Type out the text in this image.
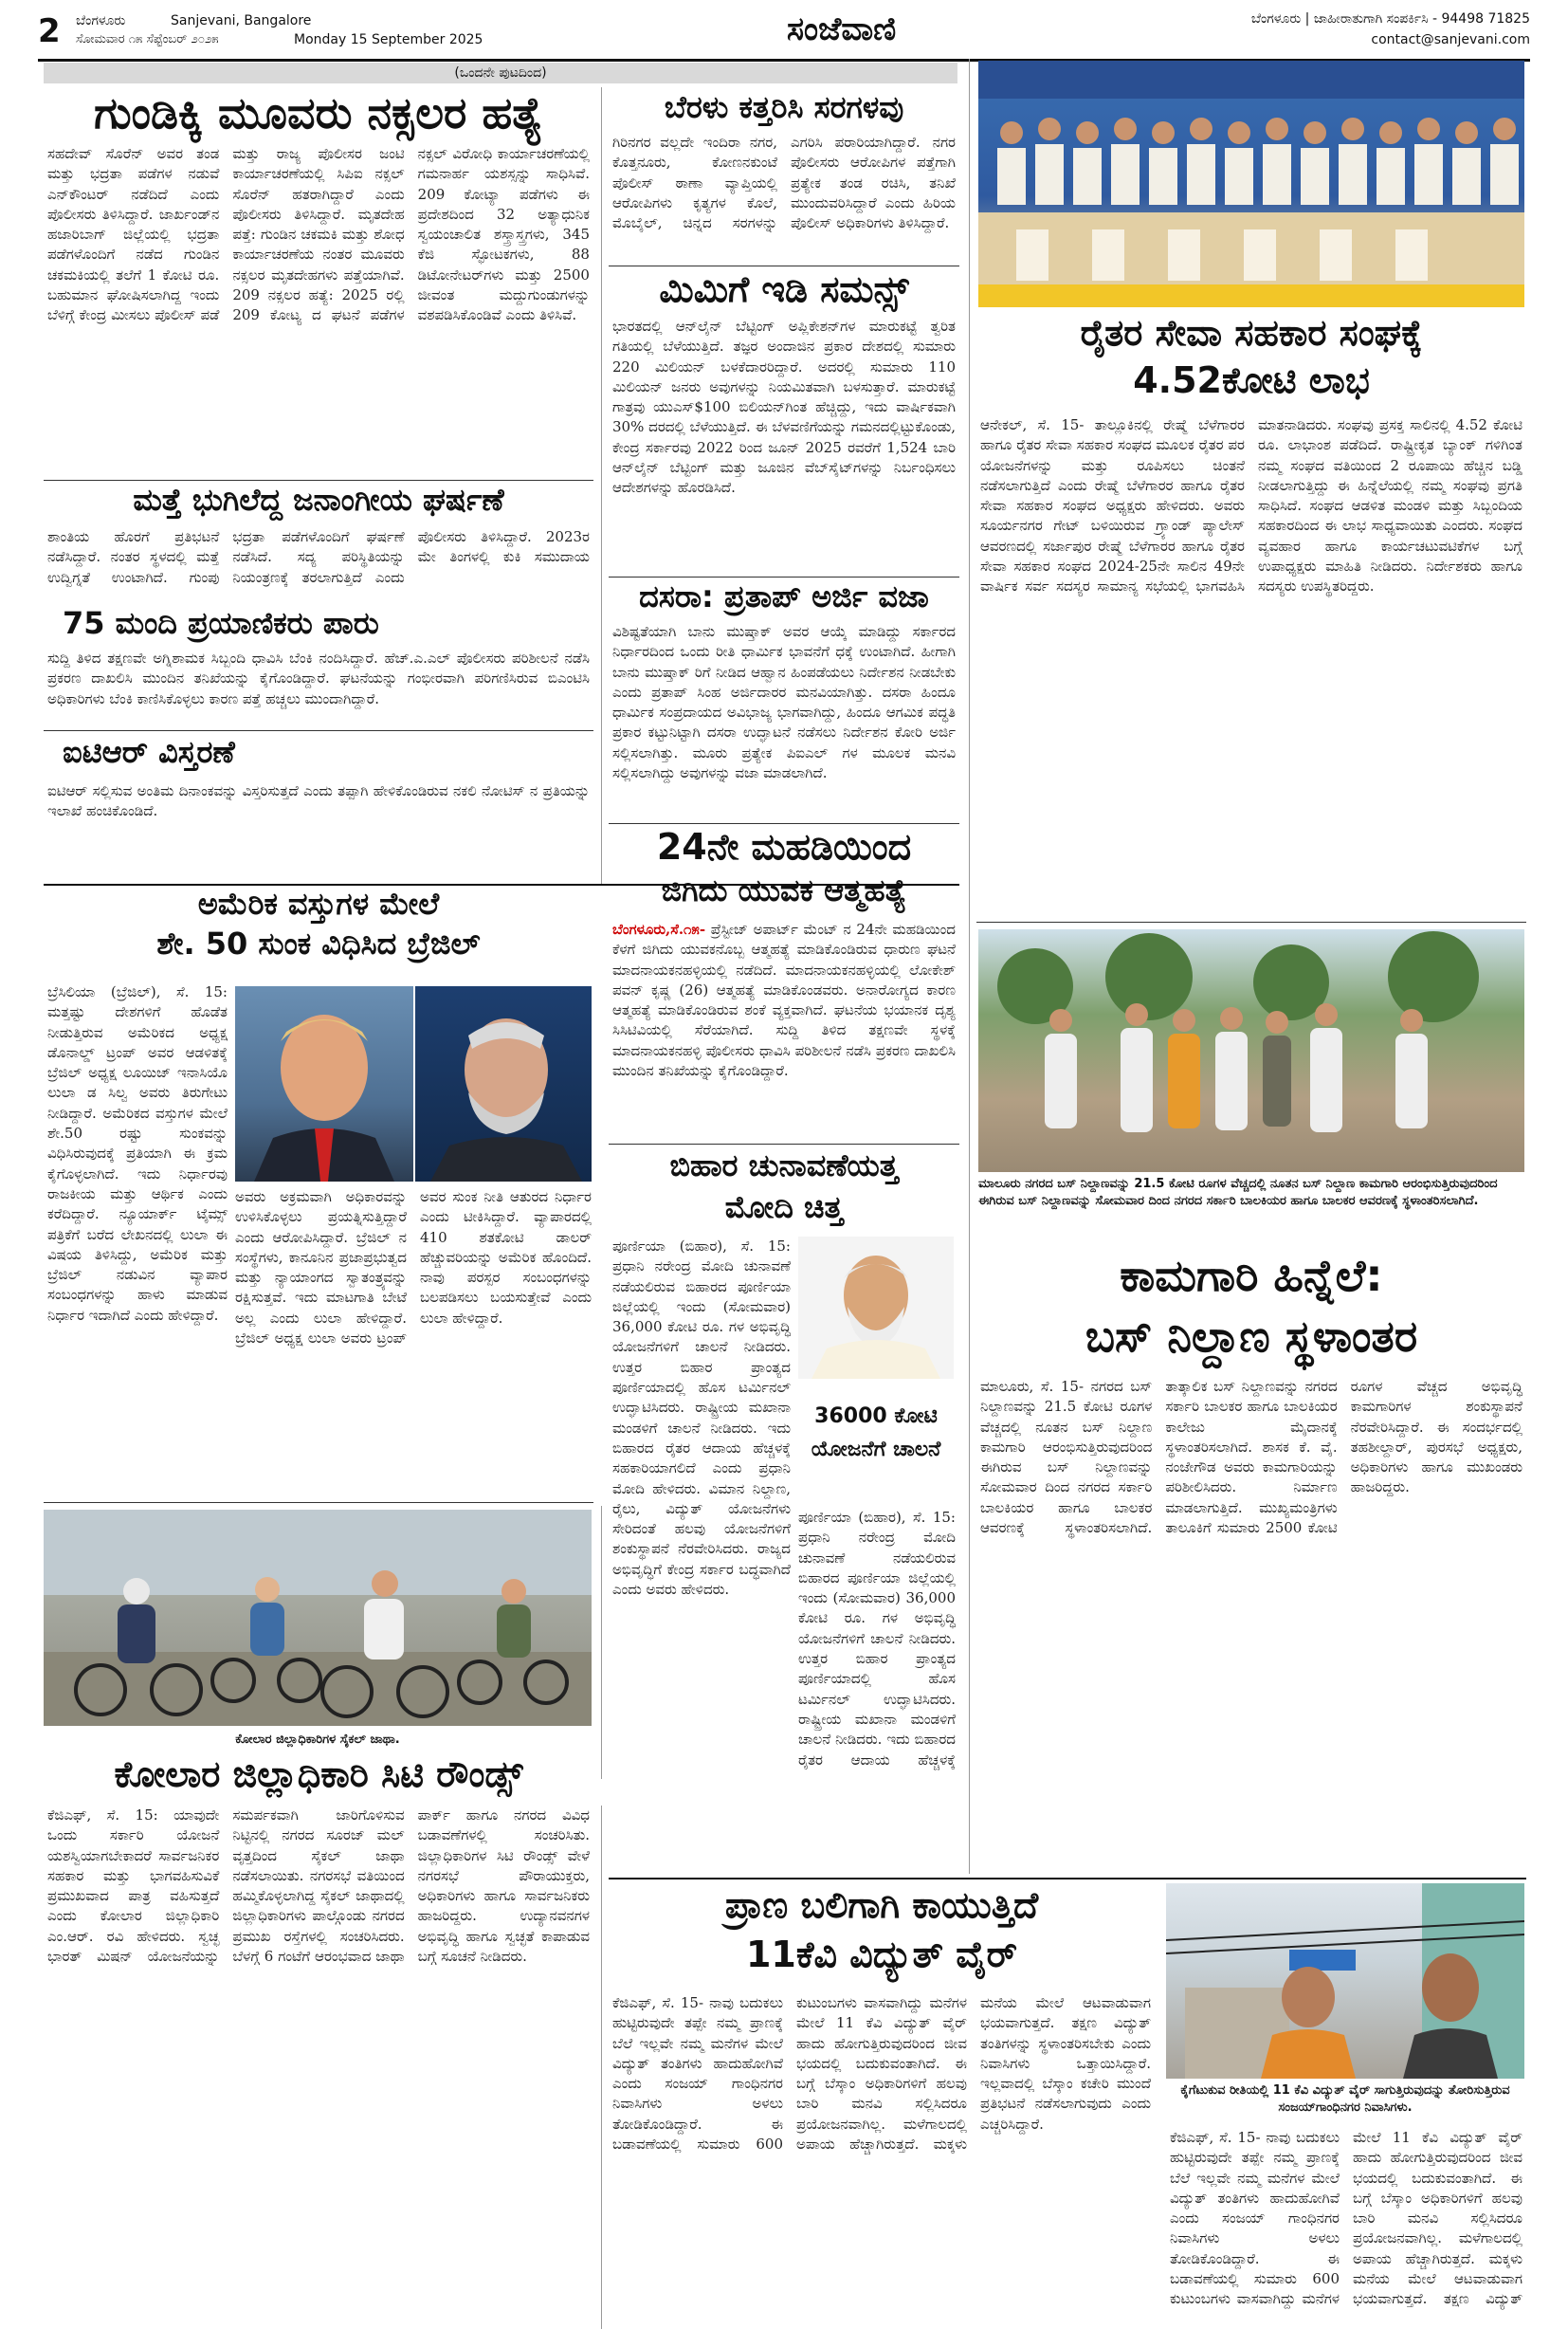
2 ಬೆಂಗಳೂರು	Sanjevani, Bangalore
ಸೋಮವಾರ ೧೫ ಸೆಪ್ಟೆಂಬರ್ ೨೦೨೫	Monday 15 September 2025	ಸಂಜೆವಾಣಿ	ಬೆಂಗಳೂರು | ಜಾಹೀರಾತುಗಾಗಿ ಸಂಪರ್ಕಿಸಿ - 94498 71825
contact@sanjevani.com
(ಒಂದನೇ ಪುಟದಿಂದ)
ಗುಂಡಿಕ್ಕಿ ಮೂವರು ನಕ್ಸಲರ ಹತ್ಯೆ
ಸಹದೇವ್ ಸೊರೆನ್ ಅವರ ತಂಡ ಮತ್ತು ಭದ್ರತಾ ಪಡೆಗಳ ನಡುವೆ ಎನ್‌ಕೌಂಟರ್ ನಡೆದಿದೆ ಎಂದು ಪೊಲೀಸರು ತಿಳಿಸಿದ್ದಾರೆ. ಜಾರ್ಖಂಡ್‌ನ ಹಜಾರಿಬಾಗ್ ಜಿಲ್ಲೆಯಲ್ಲಿ ಭದ್ರತಾ ಪಡೆಗಳೊಂದಿಗೆ ನಡೆದ ಗುಂಡಿನ ಚಕಮಕಿಯಲ್ಲಿ ತಲೆಗೆ 1 ಕೋಟಿ ರೂ. ಬಹುಮಾನ ಘೋಷಿಸಲಾಗಿದ್ದ ಇಂದು ಬೆಳಿಗ್ಗೆ ಕೇಂದ್ರ ಮೀಸಲು ಪೊಲೀಸ್ ಪಡೆ ಮತ್ತು ರಾಜ್ಯ ಪೊಲೀಸರ ಜಂಟಿ ಕಾರ್ಯಾಚರಣೆಯಲ್ಲಿ ಸಿಪಿಐ ನಕ್ಸಲ್ ಸೊರೆನ್ ಹತರಾಗಿದ್ದಾರೆ ಎಂದು ಪೊಲೀಸರು ತಿಳಿಸಿದ್ದಾರೆ. ಮೃತದೇಹ ಪತ್ತೆ: ಗುಂಡಿನ ಚಕಮಕಿ ಮತ್ತು ಶೋಧ ಕಾರ್ಯಾಚರಣೆಯ ನಂತರ ಮೂವರು ನಕ್ಸಲರ ಮೃತದೇಹಗಳು ಪತ್ತೆಯಾಗಿವೆ. 209 ನಕ್ಸಲರ ಹತ್ಯೆ: 2025 ರಲ್ಲಿ 209 ಕೋಟ್ಯ ದ ಘಟನೆ ಪಡೆಗಳ ನಕ್ಸಲ್ ವಿರೋಧಿ ಕಾರ್ಯಾಚರಣೆಯಲ್ಲಿ ಗಮನಾರ್ಹ ಯಶಸ್ಸನ್ನು ಸಾಧಿಸಿವೆ. 209 ಕೋಟ್ಯಾ ಪಡೆಗಳು ಈ ಪ್ರದೇಶದಿಂದ 32 ಅತ್ಯಾಧುನಿಕ ಸ್ವಯಂಚಾಲಿತ ಶಸ್ತ್ರಾಸ್ತ್ರಗಳು, 345 ಕೆಜಿ ಸ್ಫೋಟಕಗಳು, 88 ಡಿಟೋನೇಟರ್‌ಗಳು ಮತ್ತು 2500 ಜೀವಂತ ಮದ್ದುಗುಂಡುಗಳನ್ನು ವಶಪಡಿಸಿಕೊಂಡಿವೆ ಎಂದು ತಿಳಿಸಿವೆ.
ಮತ್ತೆ ಭುಗಿಲೆದ್ದ ಜನಾಂಗೀಯ ಘರ್ಷಣೆ
ಶಾಂತಿಯ ಹೊರಗೆ ಪ್ರತಿಭಟನೆ ನಡೆಸಿದ್ದಾರೆ. ನಂತರ ಸ್ಥಳದಲ್ಲಿ ಮತ್ತೆ ಉದ್ವಿಗ್ನತೆ ಉಂಟಾಗಿದೆ. ಗುಂಪು ಭದ್ರತಾ ಪಡೆಗಳೊಂದಿಗೆ ಘರ್ಷಣೆ ನಡೆಸಿದೆ. ಸದ್ಯ ಪರಿಸ್ಥಿತಿಯನ್ನು ನಿಯಂತ್ರಣಕ್ಕೆ ತರಲಾಗುತ್ತಿದೆ ಎಂದು ಪೊಲೀಸರು ತಿಳಿಸಿದ್ದಾರೆ. 2023ರ ಮೇ ತಿಂಗಳಲ್ಲಿ ಕುಕಿ ಸಮುದಾಯ
75 ಮಂದಿ ಪ್ರಯಾಣಿಕರು ಪಾರು
ಸುದ್ದಿ ತಿಳಿದ ತಕ್ಷಣವೇ ಅಗ್ನಿಶಾಮಕ ಸಿಬ್ಬಂದಿ ಧಾವಿಸಿ ಬೆಂಕಿ ನಂದಿಸಿದ್ದಾರೆ. ಹೆಚ್.ಎ.ಎಲ್ ಪೊಲೀಸರು ಪರಿಶೀಲನೆ ನಡೆಸಿ ಪ್ರಕರಣ ದಾಖಲಿಸಿ ಮುಂದಿನ ತನಿಖೆಯನ್ನು ಕೈಗೊಂಡಿದ್ದಾರೆ. ಘಟನೆಯನ್ನು ಗಂಭೀರವಾಗಿ ಪರಿಗಣಿಸಿರುವ ಬಿಎಂಟಿಸಿ ಅಧಿಕಾರಿಗಳು ಬೆಂಕಿ ಕಾಣಿಸಿಕೊಳ್ಳಲು ಕಾರಣ ಪತ್ತೆ ಹಚ್ಚಲು ಮುಂದಾಗಿದ್ದಾರೆ.
ಐಟಿಆರ್ ವಿಸ್ತರಣೆ
ಐಟಿಆರ್ ಸಲ್ಲಿಸುವ ಅಂತಿಮ ದಿನಾಂಕವನ್ನು ವಿಸ್ತರಿಸುತ್ತದೆ ಎಂದು ತಪ್ಪಾಗಿ ಹೇಳಿಕೊಂಡಿರುವ ನಕಲಿ ನೋಟಿಸ್ ನ ಪ್ರತಿಯನ್ನು ಇಲಾಖೆ ಹಂಚಿಕೊಂಡಿದೆ.
ಬೆರಳು ಕತ್ತರಿಸಿ ಸರಗಳವು
ಗಿರಿನಗರ ವಲ್ಲದೇ ಇಂದಿರಾ ನಗರ, ಕೊತ್ತನೂರು, ಕೋಣನಕುಂಟೆ ಪೊಲೀಸ್ ಠಾಣಾ ವ್ಯಾಪ್ತಿಯಲ್ಲಿ ಆರೋಪಿಗಳು ಕೃತ್ಯಗಳ ಕೊಲೆ, ಮೊಬೈಲ್, ಚಿನ್ನದ ಸರಗಳನ್ನು ಎಗರಿಸಿ ಪರಾರಿಯಾಗಿದ್ದಾರೆ. ನಗರ ಪೊಲೀಸರು ಆರೋಪಿಗಳ ಪತ್ತೆಗಾಗಿ ಪ್ರತ್ಯೇಕ ತಂಡ ರಚಿಸಿ, ತನಿಖೆ ಮುಂದುವರಿಸಿದ್ದಾರೆ ಎಂದು ಹಿರಿಯ ಪೊಲೀಸ್ ಅಧಿಕಾರಿಗಳು ತಿಳಿಸಿದ್ದಾರೆ.
ಮಿಮಿಗೆ ಇಡಿ ಸಮನ್ಸ್
ಭಾರತದಲ್ಲಿ ಆನ್‌ಲೈನ್ ಬೆಟ್ಟಿಂಗ್ ಅಪ್ಲಿಕೇಶನ್‌ಗಳ ಮಾರುಕಟ್ಟೆ ತ್ವರಿತ ಗತಿಯಲ್ಲಿ ಬೆಳೆಯುತ್ತಿದೆ. ತಜ್ಞರ ಅಂದಾಜಿನ ಪ್ರಕಾರ ದೇಶದಲ್ಲಿ ಸುಮಾರು 220 ಮಿಲಿಯನ್ ಬಳಕೆದಾರರಿದ್ದಾರೆ. ಅದರಲ್ಲಿ ಸುಮಾರು 110 ಮಿಲಿಯನ್ ಜನರು ಅವುಗಳನ್ನು ನಿಯಮಿತವಾಗಿ ಬಳಸುತ್ತಾರೆ. ಮಾರುಕಟ್ಟೆ ಗಾತ್ರವು ಯುಎಸ್$100 ಬಿಲಿಯನ್‌ಗಿಂತ ಹೆಚ್ಚಿದ್ದು, ಇದು ವಾರ್ಷಿಕವಾಗಿ 30% ದರದಲ್ಲಿ ಬೆಳೆಯುತ್ತಿದೆ. ಈ ಬೆಳವಣಿಗೆಯನ್ನು ಗಮನದಲ್ಲಿಟ್ಟುಕೊಂಡು, ಕೇಂದ್ರ ಸರ್ಕಾರವು 2022 ರಿಂದ ಜೂನ್ 2025 ರವರೆಗೆ 1,524 ಬಾರಿ ಆನ್‌ಲೈನ್ ಬೆಟ್ಟಿಂಗ್ ಮತ್ತು ಜೂಜಿನ ವೆಬ್‌ಸೈಟ್‌ಗಳನ್ನು ನಿರ್ಬಂಧಿಸಲು ಆದೇಶಗಳನ್ನು ಹೊರಡಿಸಿದೆ.
ದಸರಾ: ಪ್ರತಾಪ್ ಅರ್ಜಿ ವಜಾ
ವಿಶಿಷ್ಟತೆಯಾಗಿ ಬಾನು ಮುಷ್ತಾಕ್ ಅವರ ಆಯ್ಕೆ ಮಾಡಿದ್ದು ಸರ್ಕಾರದ ನಿರ್ಧಾರದಿಂದ ಒಂದು ರೀತಿ ಧಾರ್ಮಿಕ ಭಾವನೆಗೆ ಧಕ್ಕೆ ಉಂಟಾಗಿದೆ. ಹೀಗಾಗಿ ಬಾನು ಮುಷ್ತಾಕ್ ರಿಗೆ ನೀಡಿದ ಆಹ್ವಾನ ಹಿಂಪಡೆಯಲು ನಿರ್ದೇಶನ ನೀಡಬೇಕು ಎಂದು ಪ್ರತಾಪ್ ಸಿಂಹ ಅರ್ಜಿದಾರರ ಮನವಿಯಾಗಿತ್ತು. ದಸರಾ ಹಿಂದೂ ಧಾರ್ಮಿಕ ಸಂಪ್ರದಾಯದ ಅವಿಭಾಜ್ಯ ಭಾಗವಾಗಿದ್ದು, ಹಿಂದೂ ಆಗಮಿಕ ಪದ್ಧತಿ ಪ್ರಕಾರ ಕಟ್ಟುನಿಟ್ಟಾಗಿ ದಸರಾ ಉದ್ಘಾಟನೆ ನಡೆಸಲು ನಿರ್ದೇಶನ ಕೋರಿ ಅರ್ಜಿ ಸಲ್ಲಿಸಲಾಗಿತ್ತು. ಮೂರು ಪ್ರತ್ಯೇಕ ಪಿಐಎಲ್ ಗಳ ಮೂಲಕ ಮನವಿ ಸಲ್ಲಿಸಲಾಗಿದ್ದು ಅವುಗಳನ್ನು ವಜಾ ಮಾಡಲಾಗಿದೆ.
24ನೇ ಮಹಡಿಯಿಂದ
ಜಿಗಿದು ಯುವಕ ಆತ್ಮಹತ್ಯೆ
ಬೆಂಗಳೂರು,ಸೆ.೧೫- ಪ್ರೆಸ್ಟೀಜ್ ಅಪಾರ್ಟ್ ಮೆಂಟ್ ನ 24ನೇ ಮಹಡಿಯಿಂದ ಕೆಳಗೆ ಜಿಗಿದು ಯುವಕನೊಬ್ಬ ಆತ್ಮಹತ್ಯೆ ಮಾಡಿಕೊಂಡಿರುವ ಧಾರುಣ ಘಟನೆ ಮಾದನಾಯಕನಹಳ್ಳಿಯಲ್ಲಿ ನಡೆದಿದೆ. ಮಾದನಾಯಕನಹಳ್ಳಿಯಲ್ಲಿ ಲೋಕೇಶ್ ಪವನ್ ಕೃಷ್ಣ (26) ಆತ್ಮಹತ್ಯೆ ಮಾಡಿಕೊಂಡವರು. ಅನಾರೋಗ್ಯದ ಕಾರಣ ಆತ್ಮಹತ್ಯೆ ಮಾಡಿಕೊಂಡಿರುವ ಶಂಕೆ ವ್ಯಕ್ತವಾಗಿದೆ. ಘಟನೆಯ ಭಯಾನಕ ದೃಶ್ಯ ಸಿಸಿಟಿವಿಯಲ್ಲಿ ಸೆರೆಯಾಗಿದೆ. ಸುದ್ದಿ ತಿಳಿದ ತಕ್ಷಣವೇ ಸ್ಥಳಕ್ಕೆ ಮಾದನಾಯಕನಹಳ್ಳಿ ಪೊಲೀಸರು ಧಾವಿಸಿ ಪರಿಶೀಲನೆ ನಡೆಸಿ ಪ್ರಕರಣ ದಾಖಲಿಸಿ ಮುಂದಿನ ತನಿಖೆಯನ್ನು ಕೈಗೊಂಡಿದ್ದಾರೆ.
ಅಮೆರಿಕ ವಸ್ತುಗಳ ಮೇಲೆ
ಶೇ. 50 ಸುಂಕ ವಿಧಿಸಿದ ಬ್ರೆಜಿಲ್
ಬ್ರೆಸಿಲಿಯಾ (ಬ್ರೆಜಿಲ್), ಸೆ. 15: ಮತ್ತಷ್ಟು ದೇಶಗಳಿಗೆ ಹೊಡೆತ ನೀಡುತ್ತಿರುವ ಅಮೆರಿಕದ ಅಧ್ಯಕ್ಷ ಡೊನಾಲ್ಡ್ ಟ್ರಂಪ್ ಅವರ ಆಡಳಿತಕ್ಕೆ ಬ್ರೆಜಿಲ್ ಅಧ್ಯಕ್ಷ ಲೂಯಿಜ್ ಇನಾಸಿಯೊ ಲುಲಾ ಡ ಸಿಲ್ವ ಅವರು ತಿರುಗೇಟು ನೀಡಿದ್ದಾರೆ. ಅಮೆರಿಕದ ವಸ್ತುಗಳ ಮೇಲೆ ಶೇ.50 ರಷ್ಟು ಸುಂಕವನ್ನು ವಿಧಿಸಿರುವುದಕ್ಕೆ ಪ್ರತಿಯಾಗಿ ಈ ಕ್ರಮ ಕೈಗೊಳ್ಳಲಾಗಿದೆ. ಇದು ನಿರ್ಧಾರವು ರಾಜಕೀಯ ಮತ್ತು ಆರ್ಥಿಕ ಎಂದು ಕರೆದಿದ್ದಾರೆ. ನ್ಯೂಯಾರ್ಕ್ ಟೈಮ್ಸ್ ಪತ್ರಿಕೆಗೆ ಬರೆದ ಲೇಖನದಲ್ಲಿ ಲುಲಾ ಈ ವಿಷಯ ತಿಳಿಸಿದ್ದು, ಅಮೆರಿಕ ಮತ್ತು ಬ್ರೆಜಿಲ್ ನಡುವಿನ ವ್ಯಾಪಾರ ಸಂಬಂಧಗಳನ್ನು ಹಾಳು ಮಾಡುವ ನಿರ್ಧಾರ ಇದಾಗಿದೆ ಎಂದು ಹೇಳಿದ್ದಾರೆ.
ಅವರು ಅಕ್ರಮವಾಗಿ ಅಧಿಕಾರವನ್ನು ಉಳಿಸಿಕೊಳ್ಳಲು ಪ್ರಯತ್ನಿಸುತ್ತಿದ್ದಾರೆ ಎಂದು ಆರೋಪಿಸಿದ್ದಾರೆ. ಬ್ರೆಜಿಲ್ ನ ಸಂಸ್ಥೆಗಳು, ಕಾನೂನಿನ ಪ್ರಜಾಪ್ರಭುತ್ವದ ಮತ್ತು ನ್ಯಾಯಾಂಗದ ಸ್ವಾತಂತ್ರ್ಯವನ್ನು ರಕ್ಷಿಸುತ್ತವೆ. ಇದು ಮಾಟಗಾತಿ ಬೇಟೆ ಅಲ್ಲ ಎಂದು ಲುಲಾ ಹೇಳಿದ್ದಾರೆ. ಬ್ರೆಜಿಲ್ ಅಧ್ಯಕ್ಷ ಲುಲಾ ಅವರು ಟ್ರಂಪ್ ಅವರ ಸುಂಕ ನೀತಿ ಆತುರದ ನಿರ್ಧಾರ ಎಂದು ಟೀಕಿಸಿದ್ದಾರೆ. ವ್ಯಾಪಾರದಲ್ಲಿ 410 ಶತಕೋಟಿ ಡಾಲರ್ ಹೆಚ್ಚುವರಿಯನ್ನು ಅಮೆರಿಕ ಹೊಂದಿದೆ. ನಾವು ಪರಸ್ಪರ ಸಂಬಂಧಗಳನ್ನು ಬಲಪಡಿಸಲು ಬಯಸುತ್ತೇವೆ ಎಂದು ಲುಲಾ ಹೇಳಿದ್ದಾರೆ.
ಬಿಹಾರ ಚುನಾವಣೆಯತ್ತ
ಮೋದಿ ಚಿತ್ತ
36000 ಕೋಟಿ ಯೋಜನೆಗೆ ಚಾಲನೆ
ಪೂರ್ಣಿಯಾ (ಬಿಹಾರ), ಸೆ. 15: ಪ್ರಧಾನಿ ನರೇಂದ್ರ ಮೋದಿ ಚುನಾವಣೆ ನಡೆಯಲಿರುವ ಬಿಹಾರದ ಪೂರ್ಣಿಯಾ ಜಿಲ್ಲೆಯಲ್ಲಿ ಇಂದು (ಸೋಮವಾರ) 36,000 ಕೋಟಿ ರೂ. ಗಳ ಅಭಿವೃದ್ಧಿ ಯೋಜನೆಗಳಿಗೆ ಚಾಲನೆ ನೀಡಿದರು. ಉತ್ತರ ಬಿಹಾರ ಪ್ರಾಂತ್ಯದ ಪೂರ್ಣಿಯಾದಲ್ಲಿ ಹೊಸ ಟರ್ಮಿನಲ್ ಉದ್ಘಾಟಿಸಿದರು. ರಾಷ್ಟ್ರೀಯ ಮಖಾನಾ ಮಂಡಳಿಗೆ ಚಾಲನೆ ನೀಡಿದರು. ಇದು ಬಿಹಾರದ ರೈತರ ಆದಾಯ ಹೆಚ್ಚಳಕ್ಕೆ ಸಹಕಾರಿಯಾಗಲಿದೆ ಎಂದು ಪ್ರಧಾನಿ ಮೋದಿ ಹೇಳಿದರು. ವಿಮಾನ ನಿಲ್ದಾಣ, ರೈಲು, ವಿದ್ಯುತ್ ಯೋಜನೆಗಳು ಸೇರಿದಂತೆ ಹಲವು ಯೋಜನೆಗಳಿಗೆ ಶಂಕುಸ್ಥಾಪನೆ ನೆರವೇರಿಸಿದರು. ರಾಜ್ಯದ ಅಭಿವೃದ್ಧಿಗೆ ಕೇಂದ್ರ ಸರ್ಕಾರ ಬದ್ಧವಾಗಿದೆ ಎಂದು ಅವರು ಹೇಳಿದರು.
ಪೂರ್ಣಿಯಾ (ಬಿಹಾರ), ಸೆ. 15: ಪ್ರಧಾನಿ ನರೇಂದ್ರ ಮೋದಿ ಚುನಾವಣೆ ನಡೆಯಲಿರುವ ಬಿಹಾರದ ಪೂರ್ಣಿಯಾ ಜಿಲ್ಲೆಯಲ್ಲಿ ಇಂದು (ಸೋಮವಾರ) 36,000 ಕೋಟಿ ರೂ. ಗಳ ಅಭಿವೃದ್ಧಿ ಯೋಜನೆಗಳಿಗೆ ಚಾಲನೆ ನೀಡಿದರು. ಉತ್ತರ ಬಿಹಾರ ಪ್ರಾಂತ್ಯದ ಪೂರ್ಣಿಯಾದಲ್ಲಿ ಹೊಸ ಟರ್ಮಿನಲ್ ಉದ್ಘಾಟಿಸಿದರು. ರಾಷ್ಟ್ರೀಯ ಮಖಾನಾ ಮಂಡಳಿಗೆ ಚಾಲನೆ ನೀಡಿದರು. ಇದು ಬಿಹಾರದ ರೈತರ ಆದಾಯ ಹೆಚ್ಚಳಕ್ಕೆ
ಕೋಲಾರ ಜಿಲ್ಲಾಧಿಕಾರಿಗಳ ಸೈಕಲ್ ಜಾಥಾ.
ಕೋಲಾರ ಜಿಲ್ಲಾಧಿಕಾರಿ ಸಿಟಿ ರೌಂಡ್ಸ್
ಕೆಜಿಎಫ್, ಸೆ. 15: ಯಾವುದೇ ಒಂದು ಸರ್ಕಾರಿ ಯೋಜನೆ ಯಶಸ್ವಿಯಾಗಬೇಕಾದರೆ ಸಾರ್ವಜನಿಕರ ಸಹಕಾರ ಮತ್ತು ಭಾಗವಹಿಸುವಿಕೆ ಪ್ರಮುಖವಾದ ಪಾತ್ರ ವಹಿಸುತ್ತದೆ ಎಂದು ಕೋಲಾರ ಜಿಲ್ಲಾಧಿಕಾರಿ ಎಂ.ಆರ್. ರವಿ ಹೇಳಿದರು. ಸ್ವಚ್ಛ ಭಾರತ್ ಮಿಷನ್ ಯೋಜನೆಯನ್ನು ಸಮರ್ಪಕವಾಗಿ ಜಾರಿಗೊಳಿಸುವ ನಿಟ್ಟಿನಲ್ಲಿ ನಗರದ ಸೂರಜ್ ಮಲ್ ವೃತ್ತದಿಂದ ಸೈಕಲ್ ಜಾಥಾ ನಡೆಸಲಾಯಿತು. ನಗರಸಭೆ ವತಿಯಿಂದ ಹಮ್ಮಿಕೊಳ್ಳಲಾಗಿದ್ದ ಸೈಕಲ್ ಜಾಥಾದಲ್ಲಿ ಜಿಲ್ಲಾಧಿಕಾರಿಗಳು ಪಾಲ್ಗೊಂಡು ನಗರದ ಪ್ರಮುಖ ರಸ್ತೆಗಳಲ್ಲಿ ಸಂಚರಿಸಿದರು. ಬೆಳಗ್ಗೆ 6 ಗಂಟೆಗೆ ಆರಂಭವಾದ ಜಾಥಾ ಪಾರ್ಕ್ ಹಾಗೂ ನಗರದ ವಿವಿಧ ಬಡಾವಣೆಗಳಲ್ಲಿ ಸಂಚರಿಸಿತು. ಜಿಲ್ಲಾಧಿಕಾರಿಗಳ ಸಿಟಿ ರೌಂಡ್ಸ್ ವೇಳೆ ನಗರಸಭೆ ಪೌರಾಯುಕ್ತರು, ಅಧಿಕಾರಿಗಳು ಹಾಗೂ ಸಾರ್ವಜನಿಕರು ಹಾಜರಿದ್ದರು. ಉದ್ಯಾನವನಗಳ ಅಭಿವೃದ್ಧಿ ಹಾಗೂ ಸ್ವಚ್ಛತೆ ಕಾಪಾಡುವ ಬಗ್ಗೆ ಸೂಚನೆ ನೀಡಿದರು.
ರೈತರ ಸೇವಾ ಸಹಕಾರ ಸಂಘಕ್ಕೆ
4.52ಕೋಟಿ ಲಾಭ
ಆನೇಕಲ್, ಸೆ. 15- ತಾಲ್ಲೂಕಿನಲ್ಲಿ ರೇಷ್ಮೆ ಬೆಳೆಗಾರರ ಹಾಗೂ ರೈತರ ಸೇವಾ ಸಹಕಾರ ಸಂಘದ ಮೂಲಕ ರೈತರ ಪರ ಯೋಜನೆಗಳನ್ನು ಮತ್ತು ರೂಪಿಸಲು ಚಿಂತನೆ ನಡೆಸಲಾಗುತ್ತಿದೆ ಎಂದು ರೇಷ್ಮೆ ಬೆಳೆಗಾರರ ಹಾಗೂ ರೈತರ ಸೇವಾ ಸಹಕಾರ ಸಂಘದ ಅಧ್ಯಕ್ಷರು ಹೇಳಿದರು. ಅವರು ಸೂರ್ಯನಗರ ಗೇಟ್ ಬಳಿಯಿರುವ ಗ್ರ್ಯಾಂಡ್ ಪ್ಯಾಲೇಸ್ ಆವರಣದಲ್ಲಿ ಸರ್ಜಾಪುರ ರೇಷ್ಮೆ ಬೆಳೆಗಾರರ ಹಾಗೂ ರೈತರ ಸೇವಾ ಸಹಕಾರ ಸಂಘದ 2024-25ನೇ ಸಾಲಿನ 49ನೇ ವಾರ್ಷಿಕ ಸರ್ವ ಸದಸ್ಯರ ಸಾಮಾನ್ಯ ಸಭೆಯಲ್ಲಿ ಭಾಗವಹಿಸಿ ಮಾತನಾಡಿದರು. ಸಂಘವು ಪ್ರಸಕ್ತ ಸಾಲಿನಲ್ಲಿ 4.52 ಕೋಟಿ ರೂ. ಲಾಭಾಂಶ ಪಡೆದಿದೆ. ರಾಷ್ಟ್ರೀಕೃತ ಬ್ಯಾಂಕ್ ಗಳಿಗಿಂತ ನಮ್ಮ ಸಂಘದ ವತಿಯಿಂದ 2 ರೂಪಾಯಿ ಹೆಚ್ಚಿನ ಬಡ್ಡಿ ನೀಡಲಾಗುತ್ತಿದ್ದು ಈ ಹಿನ್ನೆಲೆಯಲ್ಲಿ ನಮ್ಮ ಸಂಘವು ಪ್ರಗತಿ ಸಾಧಿಸಿದೆ. ಸಂಘದ ಆಡಳಿತ ಮಂಡಳಿ ಮತ್ತು ಸಿಬ್ಬಂದಿಯ ಸಹಕಾರದಿಂದ ಈ ಲಾಭ ಸಾಧ್ಯವಾಯಿತು ಎಂದರು. ಸಂಘದ ವ್ಯವಹಾರ ಹಾಗೂ ಕಾರ್ಯಚಟುವಟಿಕೆಗಳ ಬಗ್ಗೆ ಉಪಾಧ್ಯಕ್ಷರು ಮಾಹಿತಿ ನೀಡಿದರು. ನಿರ್ದೇಶಕರು ಹಾಗೂ ಸದಸ್ಯರು ಉಪಸ್ಥಿತರಿದ್ದರು.
ಮಾಲೂರು ನಗರದ ಬಸ್ ನಿಲ್ದಾಣವನ್ನು 21.5 ಕೋಟಿ ರೂಗಳ ವೆಚ್ಚದಲ್ಲಿ ನೂತನ ಬಸ್ ನಿಲ್ದಾಣ ಕಾಮಗಾರಿ ಆರಂಭಿಸುತ್ತಿರುವುದರಿಂದ ಈಗಿರುವ ಬಸ್ ನಿಲ್ದಾಣವನ್ನು ಸೋಮವಾರ ದಿಂದ ನಗರದ ಸರ್ಕಾರಿ ಬಾಲಕಿಯರ ಹಾಗೂ ಬಾಲಕರ ಆವರಣಕ್ಕೆ ಸ್ಥಳಾಂತರಿಸಲಾಗಿದೆ.
ಕಾಮಗಾರಿ ಹಿನ್ನೆಲೆ:
ಬಸ್ ನಿಲ್ದಾಣ ಸ್ಥಳಾಂತರ
ಮಾಲೂರು, ಸೆ. 15- ನಗರದ ಬಸ್ ನಿಲ್ದಾಣವನ್ನು 21.5 ಕೋಟಿ ರೂಗಳ ವೆಚ್ಚದಲ್ಲಿ ನೂತನ ಬಸ್ ನಿಲ್ದಾಣ ಕಾಮಗಾರಿ ಆರಂಭಿಸುತ್ತಿರುವುದರಿಂದ ಈಗಿರುವ ಬಸ್ ನಿಲ್ದಾಣವನ್ನು ಸೋಮವಾರ ದಿಂದ ನಗರದ ಸರ್ಕಾರಿ ಬಾಲಕಿಯರ ಹಾಗೂ ಬಾಲಕರ ಆವರಣಕ್ಕೆ ಸ್ಥಳಾಂತರಿಸಲಾಗಿದೆ. ತಾತ್ಕಾಲಿಕ ಬಸ್ ನಿಲ್ದಾಣವನ್ನು ನಗರದ ಸರ್ಕಾರಿ ಬಾಲಕರ ಹಾಗೂ ಬಾಲಕಿಯರ ಕಾಲೇಜು ಮೈದಾನಕ್ಕೆ ಸ್ಥಳಾಂತರಿಸಲಾಗಿದೆ. ಶಾಸಕ ಕೆ. ವೈ. ನಂಜೇಗೌಡ ಅವರು ಕಾಮಗಾರಿಯನ್ನು ಪರಿಶೀಲಿಸಿದರು. ನಿರ್ಮಾಣ ಮಾಡಲಾಗುತ್ತಿದೆ. ಮುಖ್ಯಮಂತ್ರಿಗಳು ತಾಲೂಕಿಗೆ ಸುಮಾರು 2500 ಕೋಟಿ ರೂಗಳ ವೆಚ್ಚದ ಅಭಿವೃದ್ಧಿ ಕಾಮಗಾರಿಗಳ ಶಂಕುಸ್ಥಾಪನೆ ನೆರವೇರಿಸಿದ್ದಾರೆ. ಈ ಸಂದರ್ಭದಲ್ಲಿ ತಹಶೀಲ್ದಾರ್, ಪುರಸಭೆ ಅಧ್ಯಕ್ಷರು, ಅಧಿಕಾರಿಗಳು ಹಾಗೂ ಮುಖಂಡರು ಹಾಜರಿದ್ದರು.
ಪ್ರಾಣ ಬಲಿಗಾಗಿ ಕಾಯುತ್ತಿದೆ
11ಕೆವಿ ವಿದ್ಯುತ್ ವೈರ್
ಕೆಜಿಎಫ್, ಸೆ. 15- ನಾವು ಬದುಕಲು ಹುಟ್ಟಿರುವುದೇ ತಪ್ಪೇ ನಮ್ಮ ಪ್ರಾಣಕ್ಕೆ ಬೆಲೆ ಇಲ್ಲವೇ ನಮ್ಮ ಮನೆಗಳ ಮೇಲೆ ವಿದ್ಯುತ್ ತಂತಿಗಳು ಹಾದುಹೋಗಿವೆ ಎಂದು ಸಂಜಯ್ ಗಾಂಧಿನಗರ ನಿವಾಸಿಗಳು ಅಳಲು ತೋಡಿಕೊಂಡಿದ್ದಾರೆ. ಈ ಬಡಾವಣೆಯಲ್ಲಿ ಸುಮಾರು 600 ಕುಟುಂಬಗಳು ವಾಸವಾಗಿದ್ದು ಮನೆಗಳ ಮೇಲೆ 11 ಕೆವಿ ವಿದ್ಯುತ್ ವೈರ್ ಹಾದು ಹೋಗುತ್ತಿರುವುದರಿಂದ ಜೀವ ಭಯದಲ್ಲಿ ಬದುಕುವಂತಾಗಿದೆ. ಈ ಬಗ್ಗೆ ಬೆಸ್ಕಾಂ ಅಧಿಕಾರಿಗಳಿಗೆ ಹಲವು ಬಾರಿ ಮನವಿ ಸಲ್ಲಿಸಿದರೂ ಪ್ರಯೋಜನವಾಗಿಲ್ಲ. ಮಳೆಗಾಲದಲ್ಲಿ ಅಪಾಯ ಹೆಚ್ಚಾಗಿರುತ್ತದೆ. ಮಕ್ಕಳು ಮನೆಯ ಮೇಲೆ ಆಟವಾಡುವಾಗ ಭಯವಾಗುತ್ತದೆ. ತಕ್ಷಣ ವಿದ್ಯುತ್ ತಂತಿಗಳನ್ನು ಸ್ಥಳಾಂತರಿಸಬೇಕು ಎಂದು ನಿವಾಸಿಗಳು ಒತ್ತಾಯಿಸಿದ್ದಾರೆ. ಇಲ್ಲವಾದಲ್ಲಿ ಬೆಸ್ಕಾಂ ಕಚೇರಿ ಮುಂದೆ ಪ್ರತಿಭಟನೆ ನಡೆಸಲಾಗುವುದು ಎಂದು ಎಚ್ಚರಿಸಿದ್ದಾರೆ.
ಕೈಗೆಟುಕುವ ರೀತಿಯಲ್ಲಿ 11 ಕೆವಿ ವಿದ್ಯುತ್ ವೈರ್ ಸಾಗುತ್ತಿರುವುದನ್ನು ತೋರಿಸುತ್ತಿರುವ ಸಂಜಯ್‌ಗಾಂಧಿನಗರ ನಿವಾಸಿಗಳು.
ಕೆಜಿಎಫ್, ಸೆ. 15- ನಾವು ಬದುಕಲು ಹುಟ್ಟಿರುವುದೇ ತಪ್ಪೇ ನಮ್ಮ ಪ್ರಾಣಕ್ಕೆ ಬೆಲೆ ಇಲ್ಲವೇ ನಮ್ಮ ಮನೆಗಳ ಮೇಲೆ ವಿದ್ಯುತ್ ತಂತಿಗಳು ಹಾದುಹೋಗಿವೆ ಎಂದು ಸಂಜಯ್ ಗಾಂಧಿನಗರ ನಿವಾಸಿಗಳು ಅಳಲು ತೋಡಿಕೊಂಡಿದ್ದಾರೆ. ಈ ಬಡಾವಣೆಯಲ್ಲಿ ಸುಮಾರು 600 ಕುಟುಂಬಗಳು ವಾಸವಾಗಿದ್ದು ಮನೆಗಳ ಮೇಲೆ 11 ಕೆವಿ ವಿದ್ಯುತ್ ವೈರ್ ಹಾದು ಹೋಗುತ್ತಿರುವುದರಿಂದ ಜೀವ ಭಯದಲ್ಲಿ ಬದುಕುವಂತಾಗಿದೆ. ಈ ಬಗ್ಗೆ ಬೆಸ್ಕಾಂ ಅಧಿಕಾರಿಗಳಿಗೆ ಹಲವು ಬಾರಿ ಮನವಿ ಸಲ್ಲಿಸಿದರೂ ಪ್ರಯೋಜನವಾಗಿಲ್ಲ. ಮಳೆಗಾಲದಲ್ಲಿ ಅಪಾಯ ಹೆಚ್ಚಾಗಿರುತ್ತದೆ. ಮಕ್ಕಳು ಮನೆಯ ಮೇಲೆ ಆಟವಾಡುವಾಗ ಭಯವಾಗುತ್ತದೆ. ತಕ್ಷಣ ವಿದ್ಯುತ್
